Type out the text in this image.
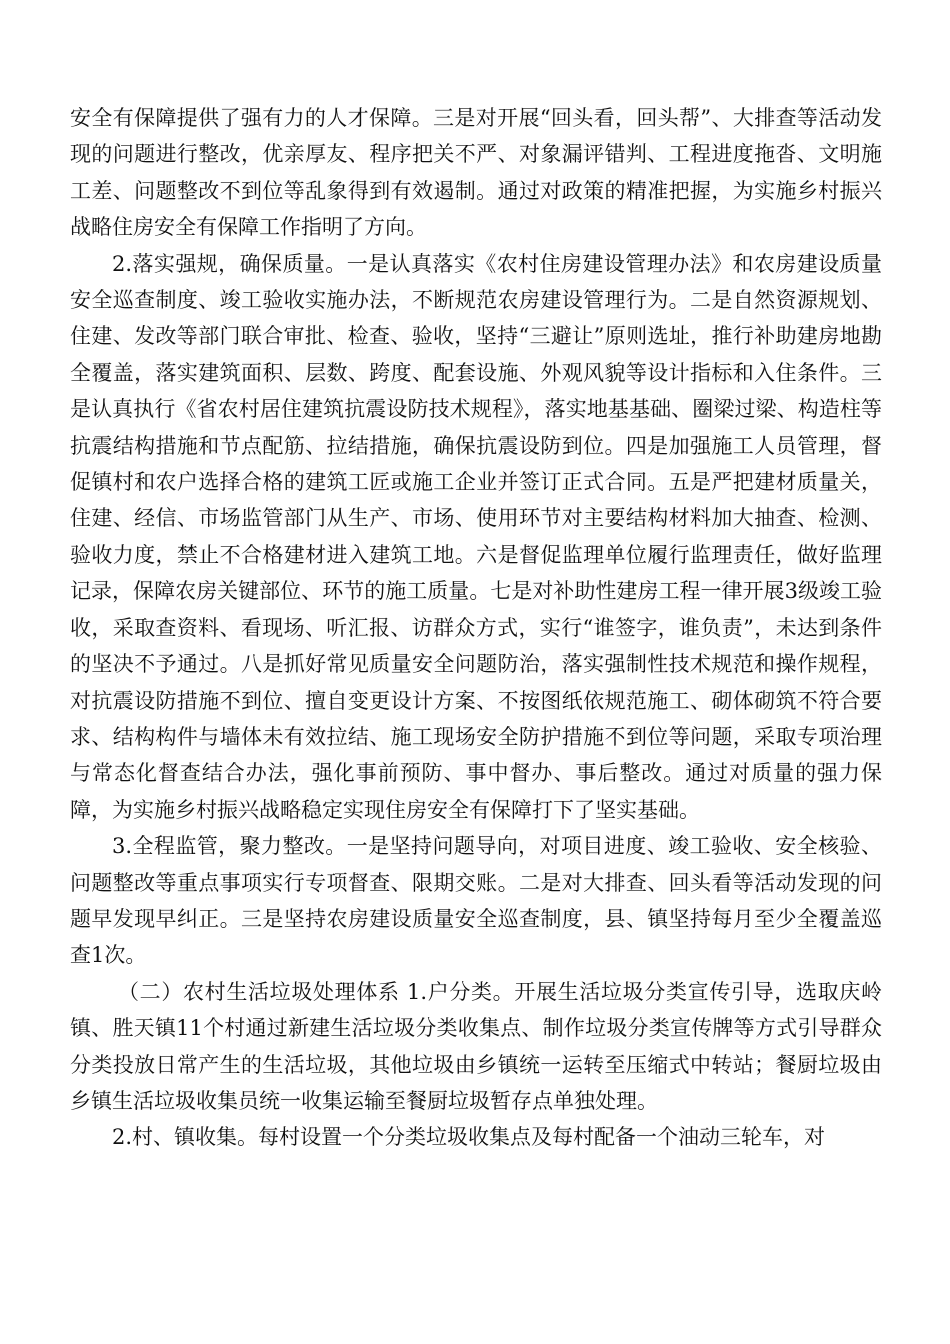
安全有保障提供了强有力的人才保障。三是对开展“回头看，回头帮”、大排查等活动发现的问题进行整改，优亲厚友、程序把关不严、对象漏评错判、工程进度拖沓、文明施工差、问题整改不到位等乱象得到有效遏制。通过对政策的精准把握，为实施乡村振兴战略住房安全有保障工作指明了方向。

2.落实强规，确保质量。一是认真落实《农村住房建设管理办法》和农房建设质量安全巡查制度、竣工验收实施办法，不断规范农房建设管理行为。二是自然资源规划、住建、发改等部门联合审批、检查、验收，坚持“三避让”原则选址，推行补助建房地勘全覆盖，落实建筑面积、层数、跨度、配套设施、外观风貌等设计指标和入住条件。三是认真执行《省农村居住建筑抗震设防技术规程》，落实地基基础、圈梁过梁、构造柱等抗震结构措施和节点配筋、拉结措施，确保抗震设防到位。四是加强施工人员管理，督促镇村和农户选择合格的建筑工匠或施工企业并签订正式合同。五是严把建材质量关，住建、经信、市场监管部门从生产、市场、使用环节对主要结构材料加大抽查、检测、验收力度，禁止不合格建材进入建筑工地。六是督促监理单位履行监理责任，做好监理记录，保障农房关键部位、环节的施工质量。七是对补助性建房工程一律开展3级竣工验收，采取查资料、看现场、听汇报、访群众方式，实行“谁签字，谁负责”，未达到条件的坚决不予通过。八是抓好常见质量安全问题防治，落实强制性技术规范和操作规程，对抗震设防措施不到位、擅自变更设计方案、不按图纸依规范施工、砌体砌筑不符合要求、结构构件与墙体未有效拉结、施工现场安全防护措施不到位等问题，采取专项治理与常态化督查结合办法，强化事前预防、事中督办、事后整改。通过对质量的强力保障，为实施乡村振兴战略稳定实现住房安全有保障打下了坚实基础。

3.全程监管，聚力整改。一是坚持问题导向，对项目进度、竣工验收、安全核验、问题整改等重点事项实行专项督查、限期交账。二是对大排查、回头看等活动发现的问题早发现早纠正。三是坚持农房建设质量安全巡查制度，县、镇坚持每月至少全覆盖巡查1次。

（二）农村生活垃圾处理体系 1.户分类。开展生活垃圾分类宣传引导，选取庆岭镇、胜天镇11个村通过新建生活垃圾分类收集点、制作垃圾分类宣传牌等方式引导群众分类投放日常产生的生活垃圾，其他垃圾由乡镇统一运转至压缩式中转站；餐厨垃圾由乡镇生活垃圾收集员统一收集运输至餐厨垃圾暂存点单独处理。

2.村、镇收集。每村设置一个分类垃圾收集点及每村配备一个油动三轮车，对
